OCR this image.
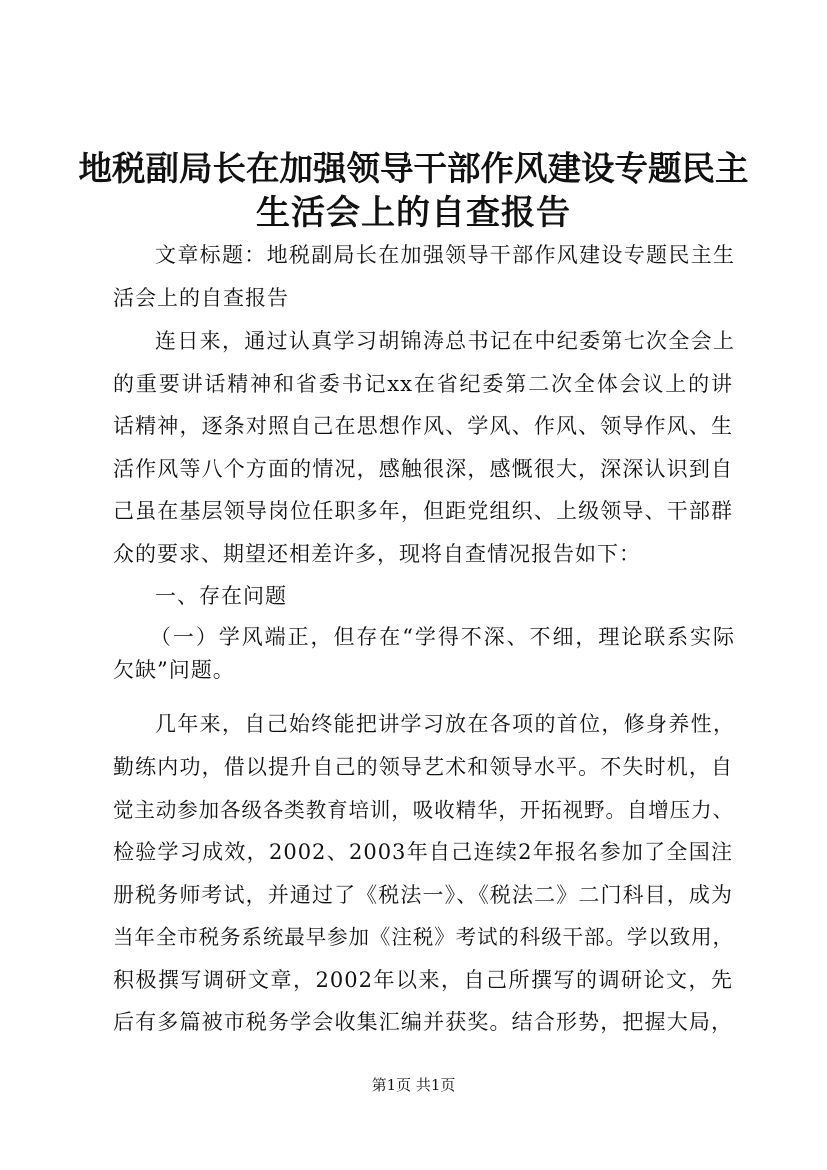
地税副局长在加强领导干部作风建设专题民主
生活会上的自查报告
文章标题：地税副局长在加强领导干部作风建设专题民主生
活会上的自查报告
连日来，通过认真学习胡锦涛总书记在中纪委第七次全会上
的重要讲话精神和省委书记xx在省纪委第二次全体会议上的讲
话精神，逐条对照自己在思想作风、学风、作风、领导作风、生
活作风等八个方面的情况，感触很深，感慨很大，深深认识到自
己虽在基层领导岗位任职多年，但距党组织、上级领导、干部群
众的要求、期望还相差许多，现将自查情况报告如下：
一、存在问题
（一）学风端正，但存在“学得不深、不细，理论联系实际
欠缺”问题。
几年来，自己始终能把讲学习放在各项的首位，修身养性，
勤练内功，借以提升自己的领导艺术和领导水平。不失时机，自
觉主动参加各级各类教育培训，吸收精华，开拓视野。自增压力、
检验学习成效，2002、2003年自己连续2年报名参加了全国注
册税务师考试，并通过了《税法一》、《税法二》二门科目，成为
当年全市税务系统最早参加《注税》考试的科级干部。学以致用，
积极撰写调研文章，2002年以来，自己所撰写的调研论文，先
后有多篇被市税务学会收集汇编并获奖。结合形势，把握大局，
第1页 共1页
